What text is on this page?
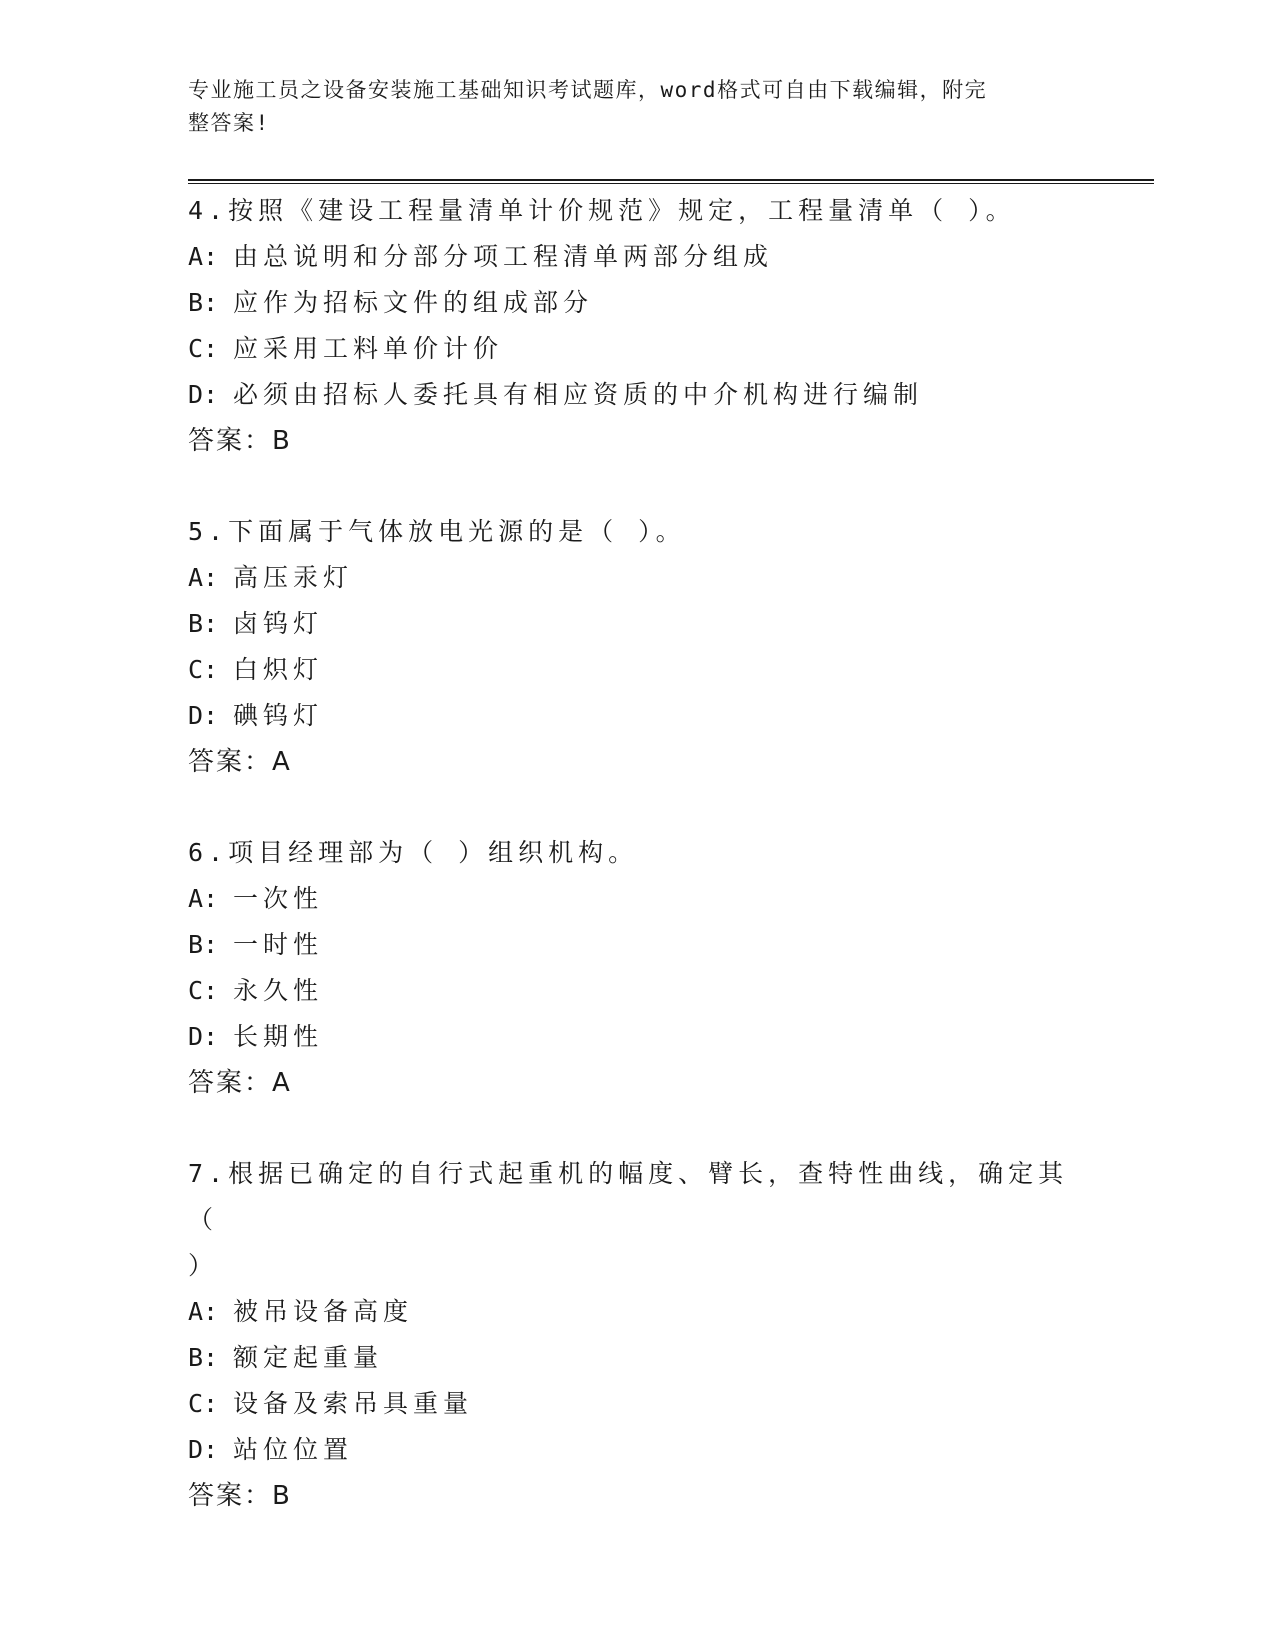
专业施工员之设备安装施工基础知识考试题库，word格式可自由下载编辑，附完
整答案!
4.按照《建设工程量清单计价规范》规定，工程量清单（ ）。
A: 由总说明和分部分项工程清单两部分组成
B: 应作为招标文件的组成部分
C: 应采用工料单价计价
D: 必须由招标人委托具有相应资质的中介机构进行编制
答案：B
5.下面属于气体放电光源的是（ ）。
A: 高压汞灯
B: 卤钨灯
C: 白炽灯
D: 碘钨灯
答案：A
6.项目经理部为（ ）组织机构。
A: 一次性
B: 一时性
C: 永久性
D: 长期性
答案：A
7.根据已确定的自行式起重机的幅度、臂长，查特性曲线，确定其（
）
A: 被吊设备高度
B: 额定起重量
C: 设备及索吊具重量
D: 站位位置
答案：B
